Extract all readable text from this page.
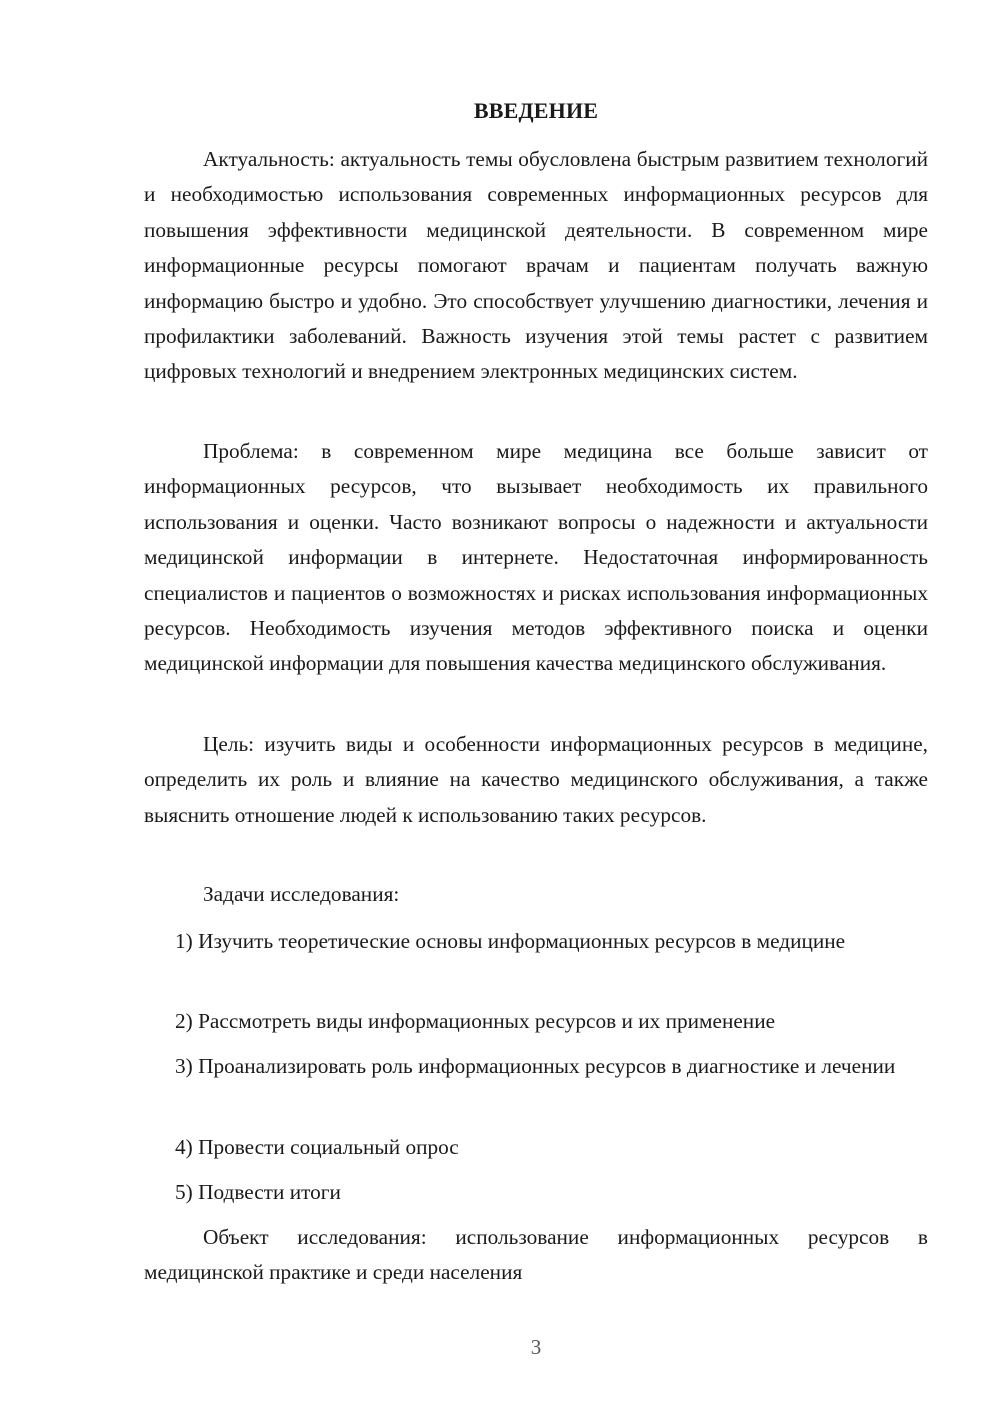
ВВЕДЕНИЕ

Актуальность: актуальность темы обусловлена быстрым развитием технологий и необходимостью использования современных информационных ресурсов для повышения эффективности медицинской деятельности. В современном мире информационные ресурсы помогают врачам и пациентам получать важную информацию быстро и удобно. Это способствует улучшению диагностики, лечения и профилактики заболеваний. Важность изучения этой темы растет с развитием цифровых технологий и внедрением электронных медицинских систем.

Проблема: в современном мире медицина все больше зависит от информационных ресурсов, что вызывает необходимость их правильного использования и оценки. Часто возникают вопросы о надежности и актуальности медицинской информации в интернете. Недостаточная информированность специалистов и пациентов о возможностях и рисках использования информационных ресурсов. Необходимость изучения методов эффективного поиска и оценки медицинской информации для повышения качества медицинского обслуживания.

Цель: изучить виды и особенности информационных ресурсов в медицине, определить их роль и влияние на качество медицинского обслуживания, а также выяснить отношение людей к использованию таких ресурсов.

Задачи исследования:

1) Изучить теоретические основы информационных ресурсов в медицине

2) Рассмотреть виды информационных ресурсов и их применение

3) Проанализировать роль информационных ресурсов в диагностике и лечении

4) Провести социальный опрос

5) Подвести итоги

Объект исследования: использование информационных ресурсов в медицинской практике и среди населения

3
